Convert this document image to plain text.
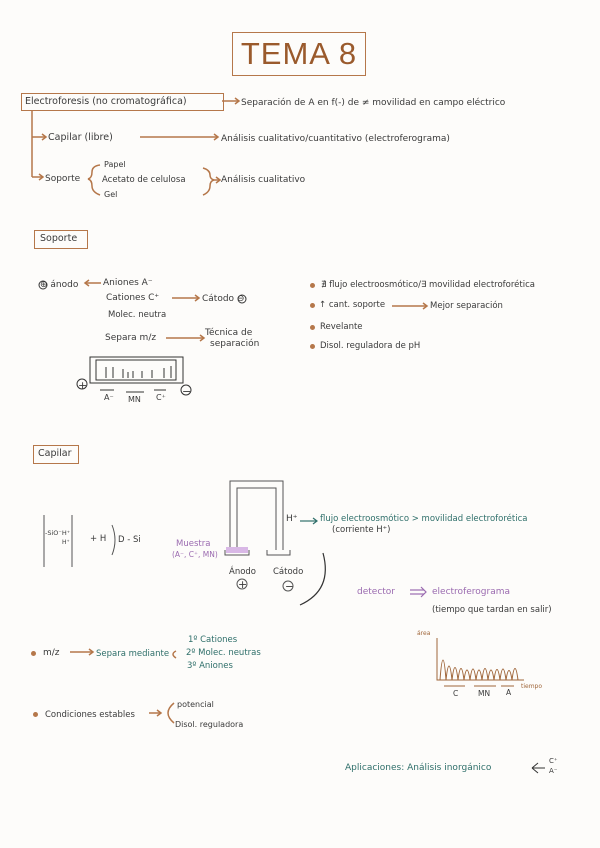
TEMA 8
Electroforesis (no cromatográfica)	Separación de A en f(-) de ≠ movilidad en campo eléctrico
Capilar (libre)	Análisis cualitativo/cuantitativo (electroferograma)
Soporte
Papel
Acetato de celulosa
Gel
Análisis cualitativo
Soporte
⊕ ánodo	Aniones A⁻
Cationes C⁺	Cátodo ⊖
Molec. neutra
Separa m/z	Técnica de
separación
+	−
A⁻ MN C⁺
∄ flujo electroosmótico/∃ movilidad electroforética
↑ cant. soporte	Mejor separación
Revelante
Disol. reguladora de pH
Capilar
-SiO⁻H⁺
H⁺ + H D - Si	Muestra
(A⁻, C⁺, MN)
Ánodo Cátodo
+	−
H⁺	flujo electroosmótico > movilidad electroforética
(corriente H⁺)
detector	electroferograma
(tiempo que tardan en salir)
área
C	MN A
tiempo
m/z	Separa mediante
1º Cationes
2º Molec. neutras
3º Aniones
Condiciones estables
potencial
Disol. reguladora
Aplicaciones: Análisis inorgánico
C⁺
A⁻
